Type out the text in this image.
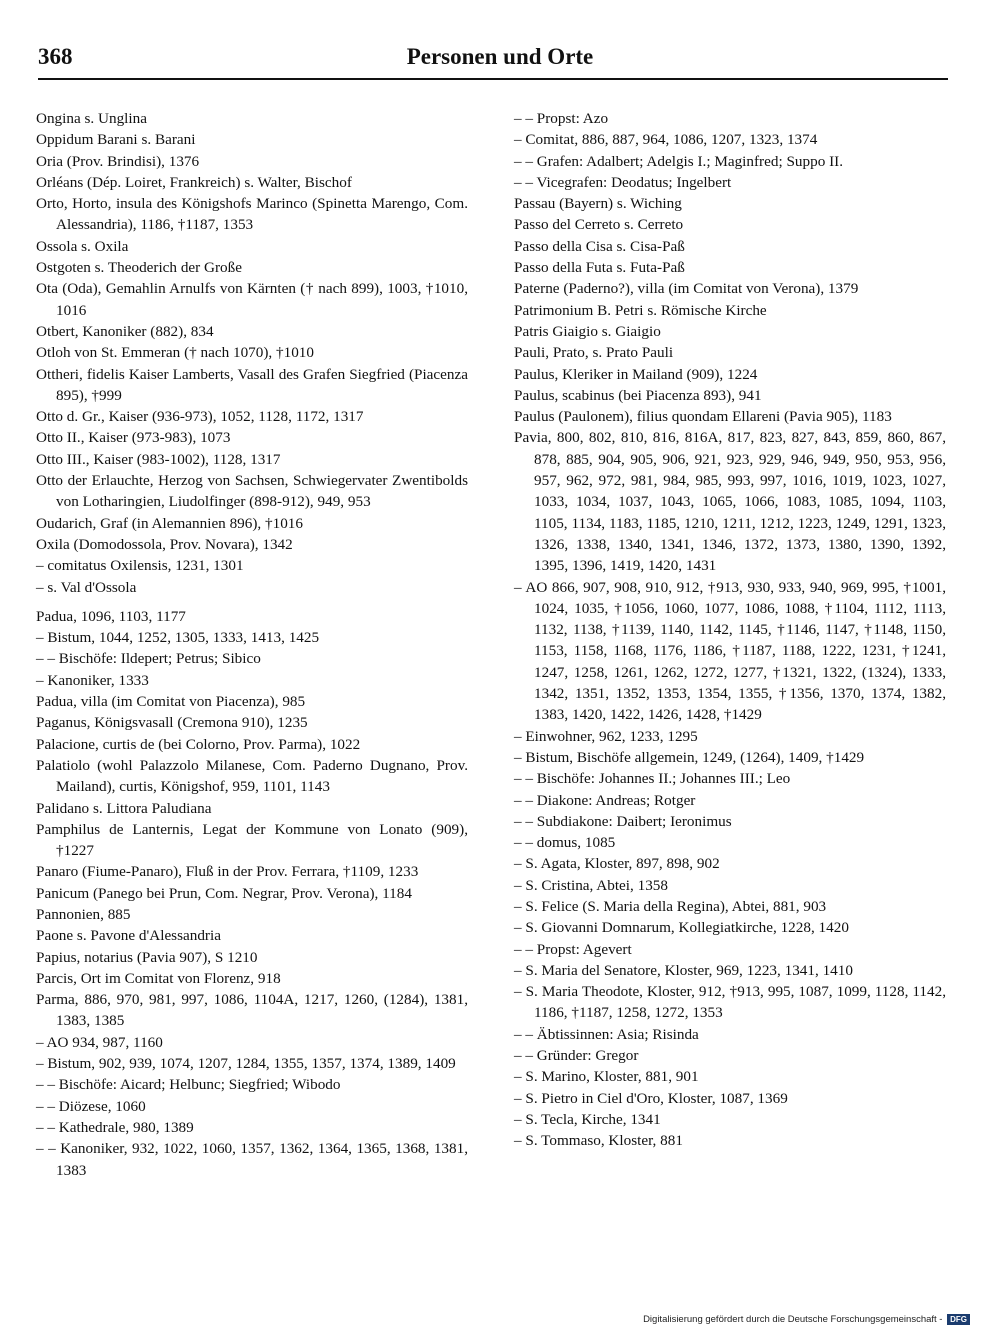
368	Personen und Orte
Ongina s. Unglina
Oppidum Barani s. Barani
Oria (Prov. Brindisi), 1376
Orléans (Dép. Loiret, Frankreich) s. Walter, Bischof
Orto, Horto, insula des Königshofs Marinco (Spinetta Marengo, Com. Alessandria), 1186, †1187, 1353
Ossola s. Oxila
Ostgoten s. Theoderich der Große
Ota (Oda), Gemahlin Arnulfs von Kärnten († nach 899), 1003, †1010, 1016
Otbert, Kanoniker (882), 834
Otloh von St. Emmeran († nach 1070), †1010
Ottheri, fidelis Kaiser Lamberts, Vasall des Grafen Siegfried (Piacenza 895), †999
Otto d. Gr., Kaiser (936-973), 1052, 1128, 1172, 1317
Otto II., Kaiser (973-983), 1073
Otto III., Kaiser (983-1002), 1128, 1317
Otto der Erlauchte, Herzog von Sachsen, Schwiegervater Zwentibolds von Lotharingien, Liudolfinger (898-912), 949, 953
Oudarich, Graf (in Alemannien 896), †1016
Oxila (Domodossola, Prov. Novara), 1342
– comitatus Oxilensis, 1231, 1301
– s. Val d'Ossola
Padua, 1096, 1103, 1177
– Bistum, 1044, 1252, 1305, 1333, 1413, 1425
– – Bischöfe: Ildepert; Petrus; Sibico
– Kanoniker, 1333
Padua, villa (im Comitat von Piacenza), 985
Paganus, Königsvasall (Cremona 910), 1235
Palacione, curtis de (bei Colorno, Prov. Parma), 1022
Palatiolo (wohl Palazzolo Milanese, Com. Paderno Dugnano, Prov. Mailand), curtis, Königshof, 959, 1101, 1143
Palidano s. Littora Paludiana
Pamphilus de Lanternis, Legat der Kommune von Lonato (909), †1227
Panaro (Fiume-Panaro), Fluß in der Prov. Ferrara, †1109, 1233
Panicum (Panego bei Prun, Com. Negrar, Prov. Verona), 1184
Pannonien, 885
Paone s. Pavone d'Alessandria
Papius, notarius (Pavia 907), S 1210
Parcis, Ort im Comitat von Florenz, 918
Parma, 886, 970, 981, 997, 1086, 1104A, 1217, 1260, (1284), 1381, 1383, 1385
– AO 934, 987, 1160
– Bistum, 902, 939, 1074, 1207, 1284, 1355, 1357, 1374, 1389, 1409
– – Bischöfe: Aicard; Helbunc; Siegfried; Wibodo
– – Diözese, 1060
– – Kathedrale, 980, 1389
– – Kanoniker, 932, 1022, 1060, 1357, 1362, 1364, 1365, 1368, 1381, 1383
– – Propst: Azo
– Comitat, 886, 887, 964, 1086, 1207, 1323, 1374
– – Grafen: Adalbert; Adelgis I.; Maginfred; Suppo II.
– – Vicegrafen: Deodatus; Ingelbert
Passau (Bayern) s. Wiching
Passo del Cerreto s. Cerreto
Passo della Cisa s. Cisa-Paß
Passo della Futa s. Futa-Paß
Paterne (Paderno?), villa (im Comitat von Verona), 1379
Patrimonium B. Petri s. Römische Kirche
Patris Giaigio s. Giaigio
Pauli, Prato, s. Prato Pauli
Paulus, Kleriker in Mailand (909), 1224
Paulus, scabinus (bei Piacenza 893), 941
Paulus (Paulonem), filius quondam Ellareni (Pavia 905), 1183
Pavia, 800, 802, 810, 816, 816A, 817, 823, 827, 843, 859, 860, 867, 878, 885, 904, 905, 906, 921, 923, 929, 946, 949, 950, 953, 956, 957, 962, 972, 981, 984, 985, 993, 997, 1016, 1019, 1023, 1027, 1033, 1034, 1037, 1043, 1065, 1066, 1083, 1085, 1094, 1103, 1105, 1134, 1183, 1185, 1210, 1211, 1212, 1223, 1249, 1291, 1323, 1326, 1338, 1340, 1341, 1346, 1372, 1373, 1380, 1390, 1392, 1395, 1396, 1419, 1420, 1431
– AO 866, 907, 908, 910, 912, †913, 930, 933, 940, 969, 995, †1001, 1024, 1035, †1056, 1060, 1077, 1086, 1088, †1104, 1112, 1113, 1132, 1138, †1139, 1140, 1142, 1145, †1146, 1147, †1148, 1150, 1153, 1158, 1168, 1176, 1186, †1187, 1188, 1222, 1231, †1241, 1247, 1258, 1261, 1262, 1272, 1277, †1321, 1322, (1324), 1333, 1342, 1351, 1352, 1353, 1354, 1355, †1356, 1370, 1374, 1382, 1383, 1420, 1422, 1426, 1428, †1429
– Einwohner, 962, 1233, 1295
– Bistum, Bischöfe allgemein, 1249, (1264), 1409, †1429
– – Bischöfe: Johannes II.; Johannes III.; Leo
– – Diakone: Andreas; Rotger
– – Subdiakone: Daibert; Ieronimus
– – domus, 1085
– S. Agata, Kloster, 897, 898, 902
– S. Cristina, Abtei, 1358
– S. Felice (S. Maria della Regina), Abtei, 881, 903
– S. Giovanni Domnarum, Kollegiatkirche, 1228, 1420
– – Propst: Agevert
– S. Maria del Senatore, Kloster, 969, 1223, 1341, 1410
– S. Maria Theodote, Kloster, 912, †913, 995, 1087, 1099, 1128, 1142, 1186, †1187, 1258, 1272, 1353
– – Äbtissinnen: Asia; Risinda
– – Gründer: Gregor
– S. Marino, Kloster, 881, 901
– S. Pietro in Ciel d'Oro, Kloster, 1087, 1369
– S. Tecla, Kirche, 1341
– S. Tommaso, Kloster, 881
Digitalisierung gefördert durch die Deutsche Forschungsgemeinschaft - DFG
